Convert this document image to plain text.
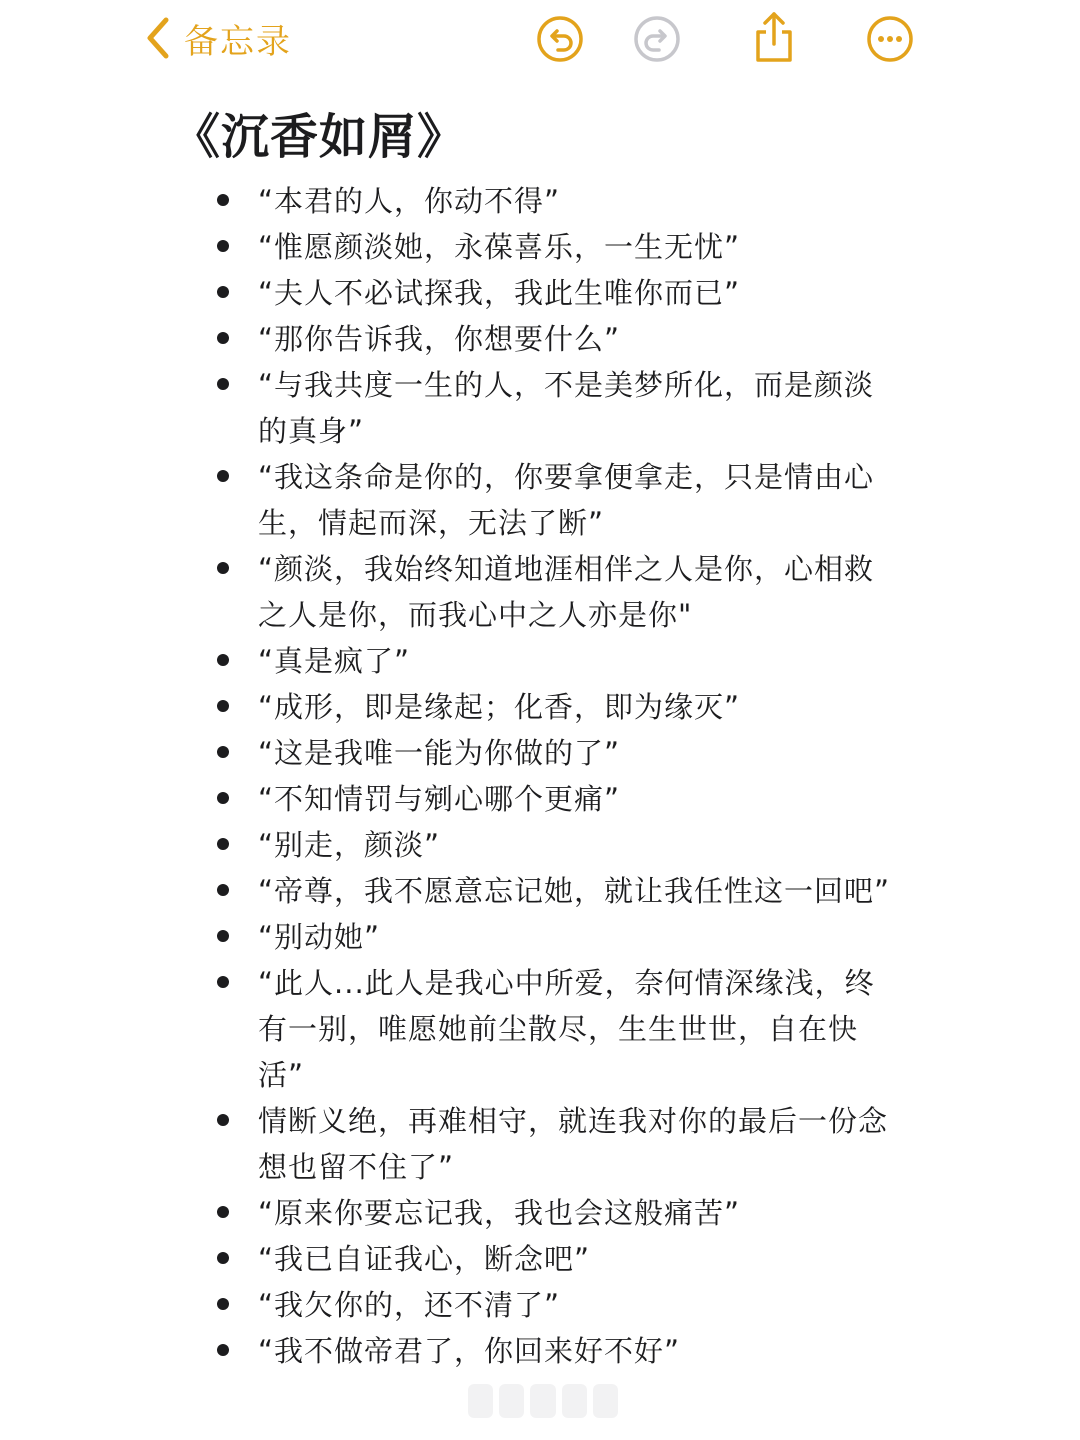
备忘录
《沉香如屑》
“本君的人，你动不得”
“惟愿颜淡她，永葆喜乐，一生无忧”
“夫人不必试探我，我此生唯你而已”
“那你告诉我，你想要什么”
“与我共度一生的人，不是美梦所化，而是颜淡的真身”
“我这条命是你的，你要拿便拿走，只是情由心生，情起而深，无法了断”
“颜淡，我始终知道地涯相伴之人是你，心相救之人是你，而我心中之人亦是你"
“真是疯了”
“成形，即是缘起；化香，即为缘灭”
“这是我唯一能为你做的了”
“不知情罚与剜心哪个更痛”
“别走，颜淡”
“帝尊，我不愿意忘记她，就让我任性这一回吧”
“别动她”
“此人...此人是我心中所爱，奈何情深缘浅，终有一别，唯愿她前尘散尽，生生世世，自在快活”
情断义绝，再难相守，就连我对你的最后一份念想也留不住了”
“原来你要忘记我，我也会这般痛苦”
“我已自证我心，断念吧”
“我欠你的，还不清了”
“我不做帝君了，你回来好不好”
